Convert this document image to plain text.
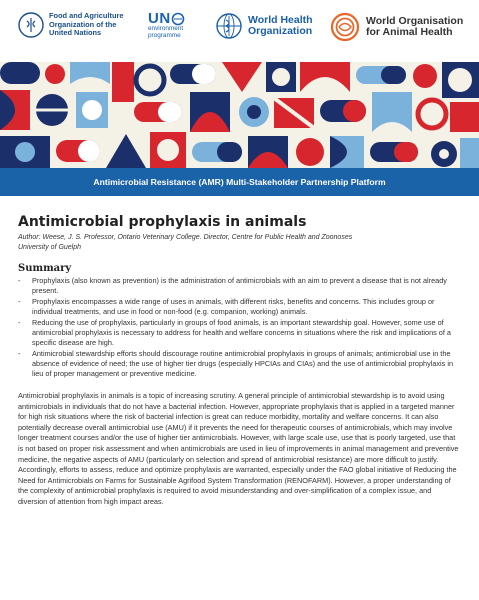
Food and Agriculture
Organization of the
United Nations
UN
environment
programme
World Health
Organization
World Organisation
for Animal Health
Antimicrobial Resistance (AMR) Multi-Stakeholder Partnership Platform
Antimicrobial prophylaxis in animals
Author: Weese, J. S. Professor, Ontario Veterinary College. Director, Centre for Public Health and Zoonoses
University of Guelph
Summary
- Prophylaxis (also known as prevention) is the administration of antimicrobials with an aim to prevent a disease that is not already present.
- Prophylaxis encompasses a wide range of uses in animals, with different risks, benefits and concerns. This includes group or individual treatments, and use in food or non-food (e.g. companion, working) animals.
- Reducing the use of prophylaxis, particularly in groups of food animals, is an important stewardship goal. However, some use of antimicrobial prophylaxis is necessary to address for health and welfare concerns in situations where the risk and implications of a specific disease are high.
- Antimicrobial stewardship efforts should discourage routine antimicrobial prophylaxis in groups of animals; antimicrobial use in the absence of evidence of need; the use of higher tier drugs (especially HPCIAs and CIAs) and the use of antimicrobial prophylaxis in lieu of proper management or preventive medicine.
Antimicrobial prophylaxis in animals is a topic of increasing scrutiny. A general principle of antimicrobial stewardship is to avoid using antimicrobials in individuals that do not have a bacterial infection. However, appropriate prophylaxis that is applied in a targeted manner for high risk situations where the risk of bacterial infection is great can reduce morbidity, mortality and welfare concerns. It can also potentially decrease overall antimicrobial use (AMU) if it prevents the need for therapeutic courses of antimicrobials, which may involve longer treatment courses and/or the use of higher tier antimicrobials. However, with large scale use, use that is poorly targeted, use that is not based on proper risk assessment and when antimicrobials are used in lieu of improvements in animal management and preventive medicine, the negative aspects of AMU (particularly on selection and spread of antimicrobial resistance) are more difficult to justify. Accordingly, efforts to assess, reduce and optimize prophylaxis are warranted, especially under the FAO global initiative of Reducing the Need for Antimicrobials on Farms for Sustainable Agrifood System Transformation (RENOFARM). However, a proper understanding of the complexity of antimicrobial prophylaxis is required to avoid misunderstanding and over-simplification of a complex issue, and diversion of attention from high impact areas.
